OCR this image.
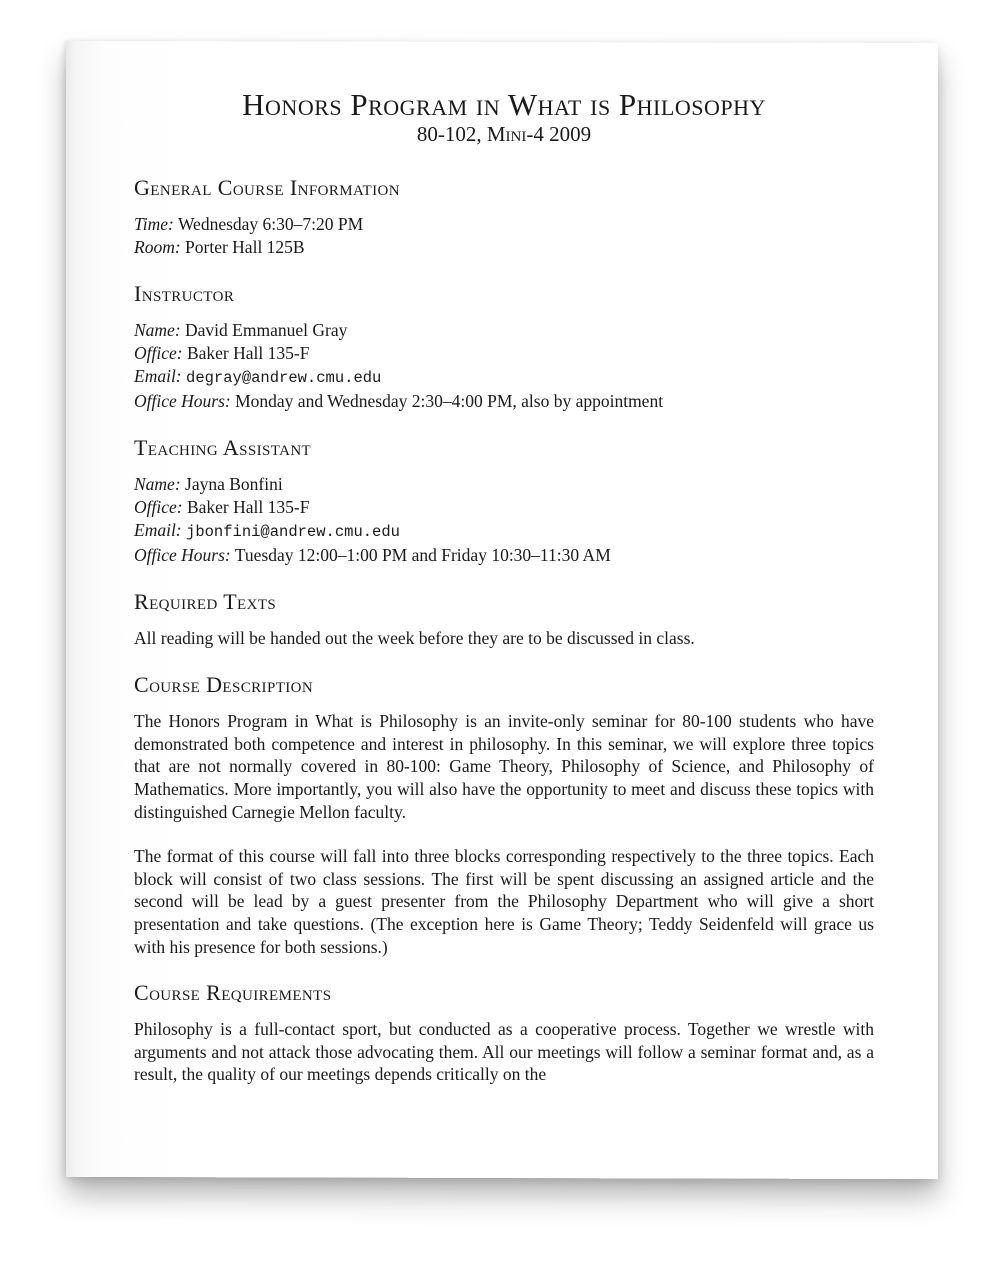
Honors Program in What is Philosophy
80-102, Mini-4 2009
General Course Information

Time: Wednesday 6:30–7:20 PM

Room: Porter Hall 125B

Instructor

Name: David Emmanuel Gray

Office: Baker Hall 135-F

Email: degray@andrew.cmu.edu

Office Hours: Monday and Wednesday 2:30–4:00 PM, also by appointment

Teaching Assistant

Name: Jayna Bonfini

Office: Baker Hall 135-F

Email: jbonfini@andrew.cmu.edu

Office Hours: Tuesday 12:00–1:00 PM and Friday 10:30–11:30 AM

Required Texts

All reading will be handed out the week before they are to be discussed in class.

Course Description

The Honors Program in What is Philosophy is an invite-only seminar for 80-100 students who have demonstrated both competence and interest in philosophy. In this seminar, we will explore three topics that are not normally covered in 80-100: Game Theory, Philosophy of Science, and Philosophy of Mathematics. More importantly, you will also have the opportunity to meet and discuss these topics with distinguished Carnegie Mellon faculty.

The format of this course will fall into three blocks corresponding respectively to the three topics. Each block will consist of two class sessions. The first will be spent discussing an assigned article and the second will be lead by a guest presenter from the Philosophy Department who will give a short presentation and take questions. (The exception here is Game Theory; Teddy Seidenfeld will grace us with his presence for both sessions.)

Course Requirements

Philosophy is a full-contact sport, but conducted as a cooperative process. Together we wrestle with arguments and not attack those advocating them. All our meetings will follow a seminar format and, as a result, the quality of our meetings depends critically on the
